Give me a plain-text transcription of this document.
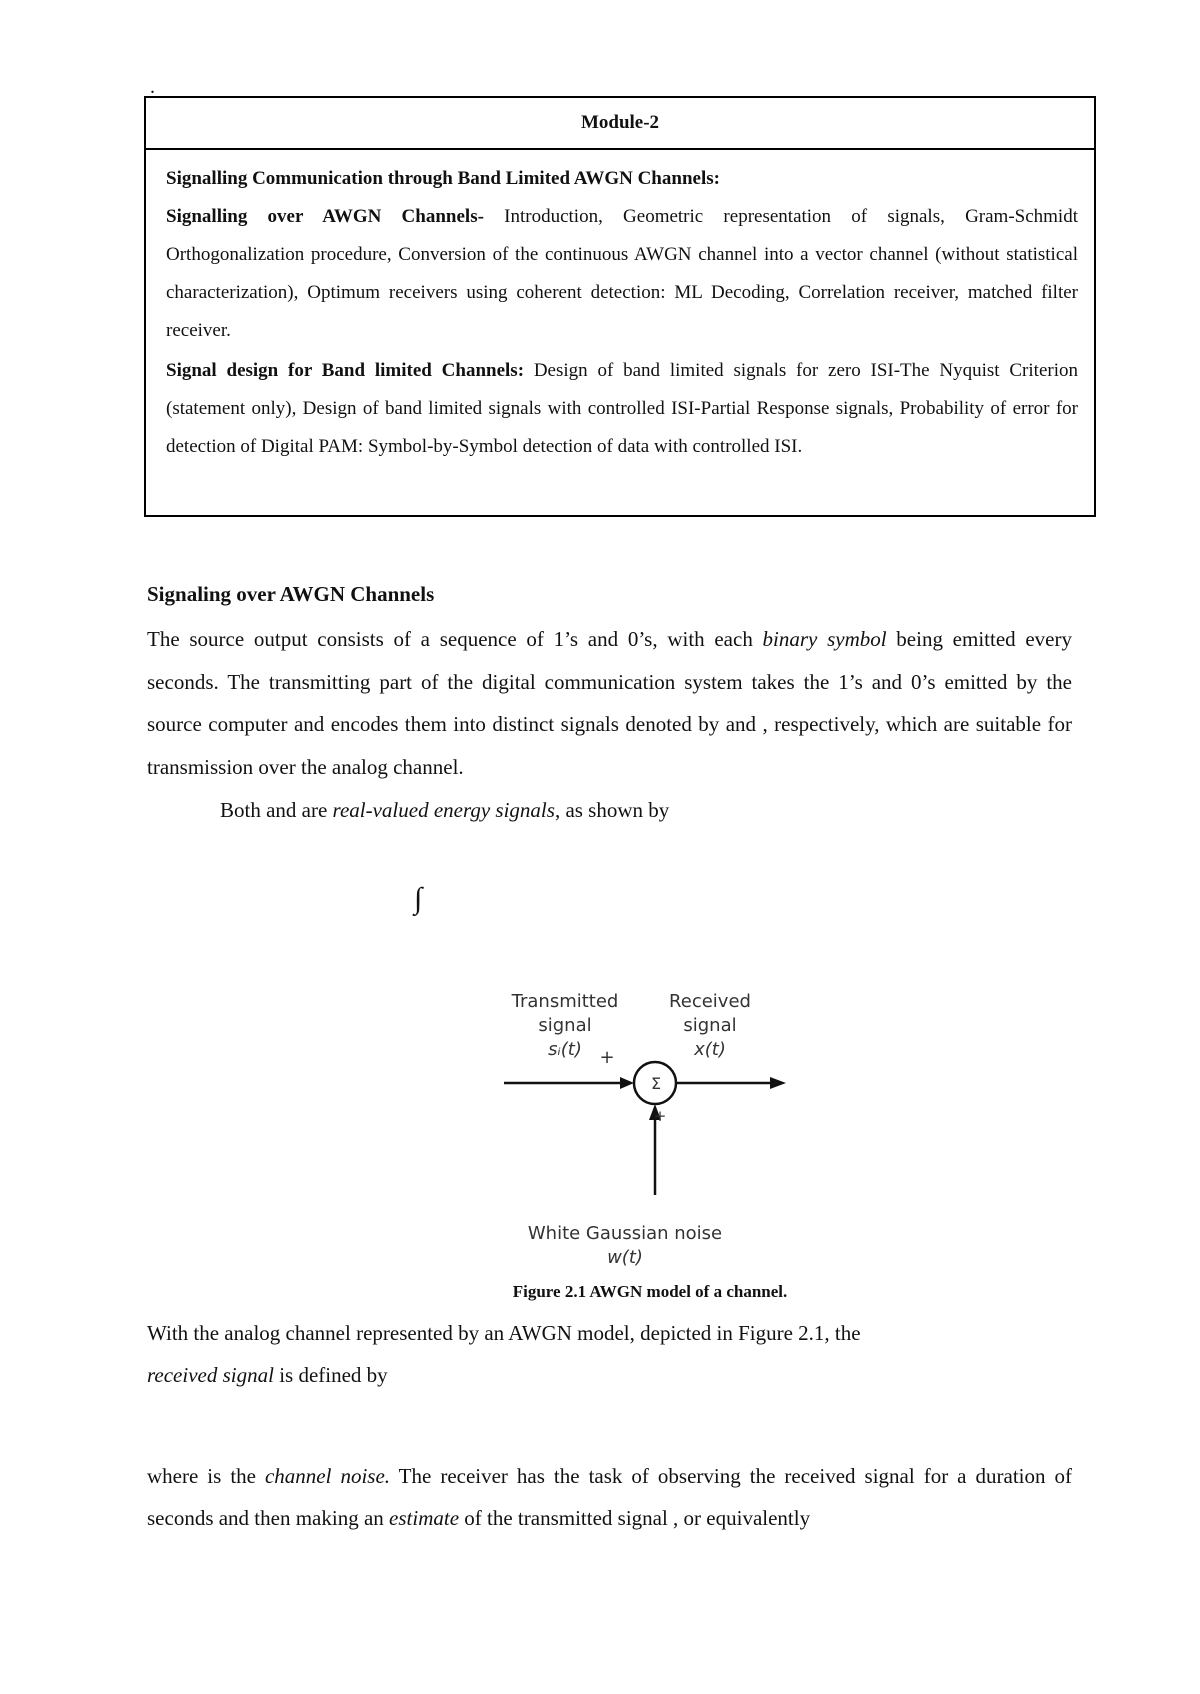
.
Module-2

Signalling Communication through Band Limited AWGN Channels:

Signalling over AWGN Channels- Introduction, Geometric representation of signals, Gram-Schmidt Orthogonalization procedure, Conversion of the continuous AWGN channel into a vector channel (without statistical characterization), Optimum receivers using coherent detection: ML Decoding, Correlation receiver, matched filter receiver.

Signal design for Band limited Channels: Design of band limited signals for zero ISI-The Nyquist Criterion (statement only), Design of band limited signals with controlled ISI-Partial Response signals, Probability of error for detection of Digital PAM: Symbol-by-Symbol detection of data with controlled ISI.

Signaling over AWGN Channels
The source output consists of a sequence of 1’s and 0’s, with each binary symbol being emitted every seconds. The transmitting part of the digital communication system takes the 1’s and 0’s emitted by the source computer and encodes them into distinct signals denoted by and , respectively, which are suitable for transmission over the analog channel.
Both and are real-valued energy signals, as shown by
∫
Transmitted
signal
sᵢ(t)
Received
signal
x(t)
+
Σ
+
White Gaussian noise
w(t)
Figure 2.1 AWGN model of a channel.
With the analog channel represented by an AWGN model, depicted in Figure 2.1, the
received signal is defined by
where is the channel noise. The receiver has the task of observing the received signal for a duration of seconds and then making an estimate of the transmitted signal , or equivalently
